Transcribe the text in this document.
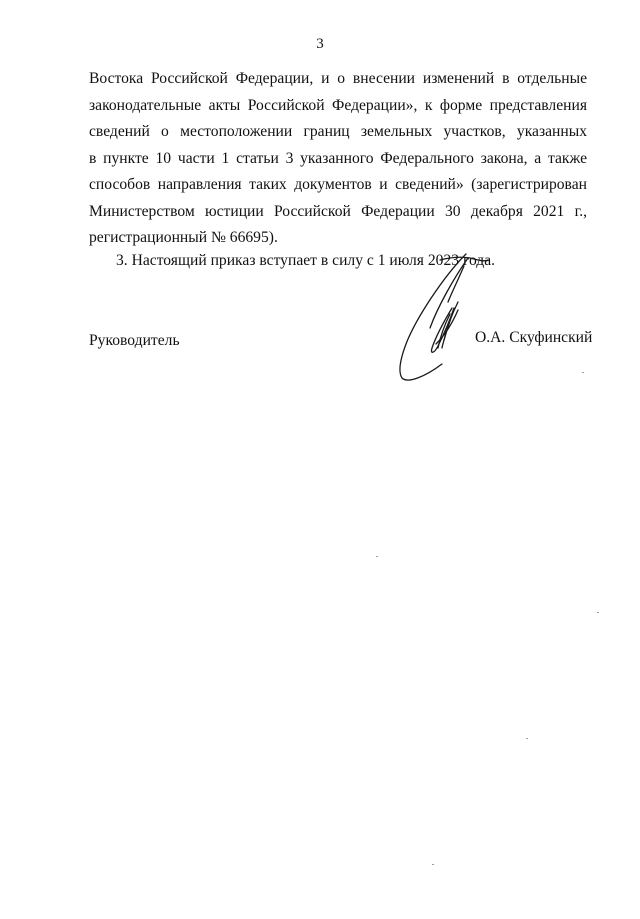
3
Востока Российской Федерации, и о внесении изменений в отдельные
законодательные акты Российской Федерации», к форме представления
сведений о местоположении границ земельных участков, указанных
в пункте 10 части 1 статьи 3 указанного Федерального закона, а также
способов направления таких документов и сведений» (зарегистрирован
Министерством юстиции Российской Федерации 30 декабря 2021 г.,
регистрационный № 66695).
3. Настоящий приказ вступает в силу с 1 июля 2023 года.
Руководитель	О.А. Скуфинский
